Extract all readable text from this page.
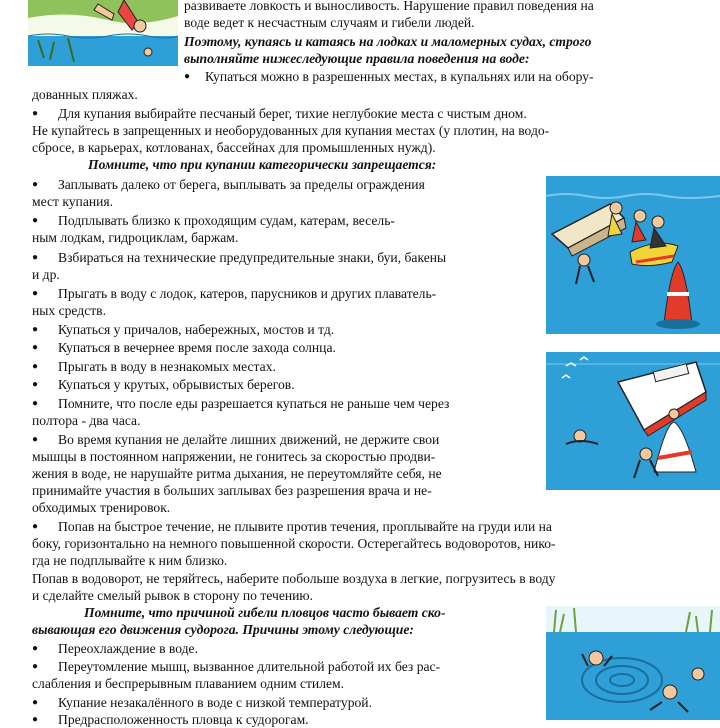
развиваете ловкость и выносливость. Нарушение правил поведения на
воде ведет к несчастным случаям и гибели людей.
Поэтому, купаясь и катаясь на лодках и маломерных судах, строго
выполняйте нижеследующие правила поведения на воде:
● Купаться можно в разрешенных местах, в купальнях или на обору-
дованных пляжах.
● Для купания выбирайте песчаный берег, тихие неглубокие места с чистым дном.
Не купайтесь в запрещенных и необорудованных для купания местах (у плотин, на водо-
сбросе, в карьерах, котлованах, бассейнах для промышленных нужд).
Помните, что при купании категорически запрещается:
● Заплывать далеко от берега, выплывать за пределы ограждения
мест купания.
● Подплывать близко к проходящим судам, катерам, весель-
ным лодкам, гидроциклам, баржам.
● Взбираться на технические предупредительные знаки, буи, бакены
и др.
● Прыгать в воду с лодок, катеров, парусников и других плаватель-
ных средств.
● Купаться у причалов, набережных, мостов и тд.
● Купаться в вечернее время после захода солнца.
● Прыгать в воду в незнакомых местах.
● Купаться у крутых, обрывистых берегов.
● Помните, что после еды разрешается купаться не раньше чем через
полтора - два часа.
● Во время купания не делайте лишних движений, не держите свои
мышцы в постоянном напряжении, не гонитесь за скоростью продви-
жения в воде, не нарушайте ритма дыхания, не переутомляйте себя, не
принимайте участия в больших заплывах без разрешения врача и не-
обходимых тренировок.
● Попав на быстрое течение, не плывите против течения, проплывайте на груди или на
боку, горизонтально на немного повышенной скорости. Остерегайтесь водоворотов, нико-
гда не подплывайте к ним близко.
Попав в водоворот, не теряйтесь, наберите побольше воздуха в легкие, погрузитесь в воду
и сделайте смелый рывок в сторону по течению.
Помните, что причиной гибели пловцов часто бывает ско-
вывающая его движения судорога. Причины этому следующие:
● Переохлаждение в воде.
● Переутомление мышц, вызванное длительной работой их без рас-
слабления и беспрерывным плаванием одним стилем.
● Купание незакалённого в воде с низкой температурой.
● Предрасположенность пловца к судорогам.
